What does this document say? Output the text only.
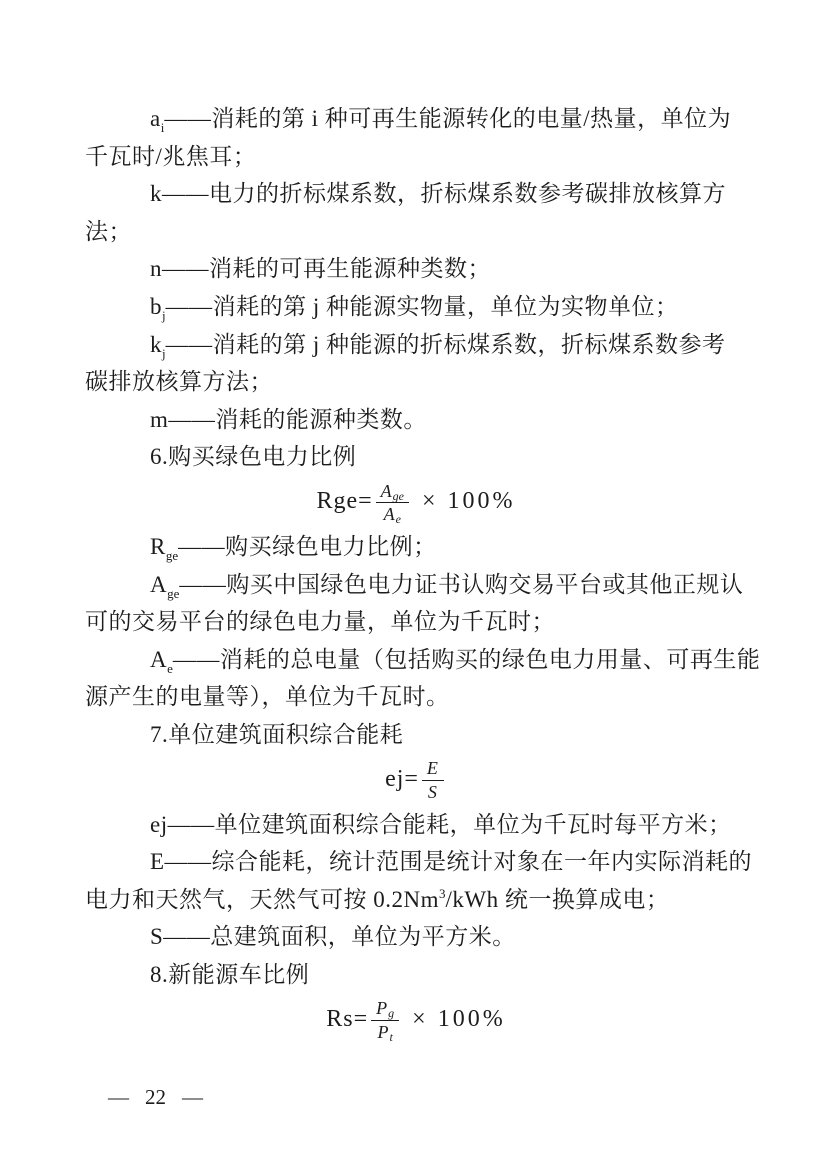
$a_i——$消耗的第 i 种可再生能源转化的电量/热量，单位为
千瓦时/兆焦耳；
k——电力的折标煤系数，折标煤系数参考碳排放核算方
法；
n——消耗的可再生能源种类数；
$b_j——$消耗的第 j 种能源实物量，单位为实物单位；
$k_j——$消耗的第 j 种能源的折标煤系数，折标煤系数参考
碳排放核算方法；
m——消耗的能源种类数。
6.购买绿色电力比例
$Rge= \frac{A_{ge}}{A_e} \times 100\%$
$R_{ge}——$购买绿色电力比例；
$A_{ge}——$购买中国绿色电力证书认购交易平台或其他正规认
可的交易平台的绿色电力量，单位为千瓦时；
$A_e——$消耗的总电量（包括购买的绿色电力用量、可再生能
源产生的电量等），单位为千瓦时。
7.单位建筑面积综合能耗
$ej= \frac{E}{S}$
ej——单位建筑面积综合能耗，单位为千瓦时每平方米；
E——综合能耗，统计范围是统计对象在一年内实际消耗的
电力和天然气，天然气可按 0.2Nm$^3$/kWh 统一换算成电；
S——总建筑面积，单位为平方米。
8.新能源车比例
$Rs= \frac{P_g}{P_t} \times 100\%$
— 22 —
